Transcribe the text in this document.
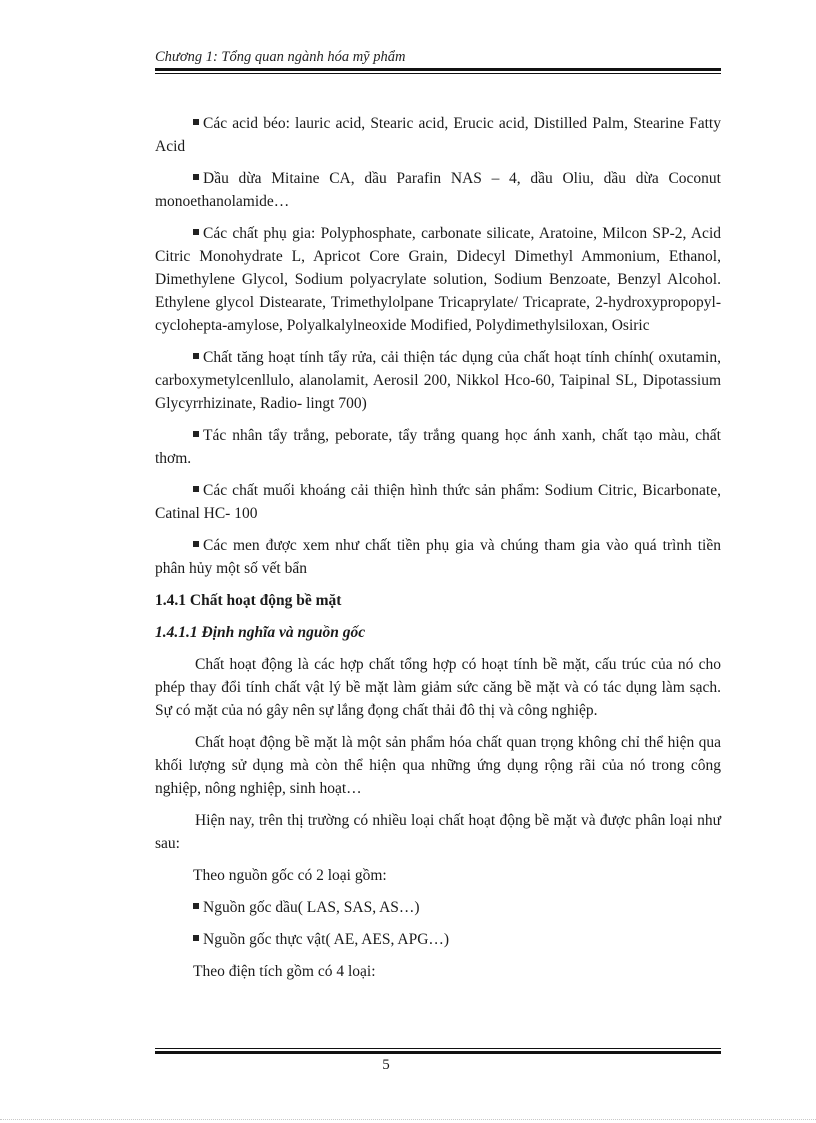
Chương 1: Tổng quan ngành hóa mỹ phẩm

Các acid béo: lauric acid, Stearic acid, Erucic acid, Distilled Palm, Stearine Fatty Acid

Dầu dừa Mitaine CA, dầu Parafin NAS – 4, dầu Oliu, dầu dừa Coconut monoethanolamide…

Các chất phụ gia: Polyphosphate, carbonate silicate, Aratoine, Milcon SP-2, Acid Citric Monohydrate L, Apricot Core Grain, Didecyl Dimethyl Ammonium, Ethanol, Dimethylene Glycol, Sodium polyacrylate solution, Sodium Benzoate, Benzyl Alcohol. Ethylene glycol Distearate, Trimethylolpane Tricaprylate/ Tricaprate, 2-hydroxypropopyl- cyclohepta-amylose, Polyalkalylneoxide Modified, Polydimethylsiloxan, Osiric

Chất tăng hoạt tính tẩy rửa, cải thiện tác dụng của chất hoạt tính chính( oxutamin, carboxymetylcenllulo, alanolamit, Aerosil 200, Nikkol Hco-60, Taipinal SL, Dipotassium Glycyrrhizinate, Radio- lingt 700)

Tác nhân tẩy trắng, peborate, tẩy trắng quang học ánh xanh, chất tạo màu, chất thơm.

Các chất muối khoáng cải thiện hình thức sản phẩm: Sodium Citric, Bicarbonate, Catinal HC- 100

Các men được xem như chất tiền phụ gia và chúng tham gia vào quá trình tiền phân hủy một số vết bẩn

1.4.1 Chất hoạt động bề mặt

1.4.1.1 Định nghĩa và nguồn gốc

Chất hoạt động là các hợp chất tổng hợp có hoạt tính bề mặt, cấu trúc của nó cho phép thay đổi tính chất vật lý bề mặt làm giảm sức căng bề mặt và có tác dụng làm sạch. Sự có mặt của nó gây nên sự lắng đọng chất thải đô thị và công nghiệp.

Chất hoạt động bề mặt là một sản phẩm hóa chất quan trọng không chỉ thể hiện qua khối lượng sử dụng mà còn thể hiện qua những ứng dụng rộng rãi của nó trong công nghiệp, nông nghiệp, sinh hoạt…

Hiện nay, trên thị trường có nhiều loại chất hoạt động bề mặt và được phân loại như sau:

Theo nguồn gốc có 2 loại gồm:

Nguồn gốc dầu( LAS, SAS, AS…)

Nguồn gốc thực vật( AE, AES, APG…)

Theo điện tích gồm có 4 loại:

5
